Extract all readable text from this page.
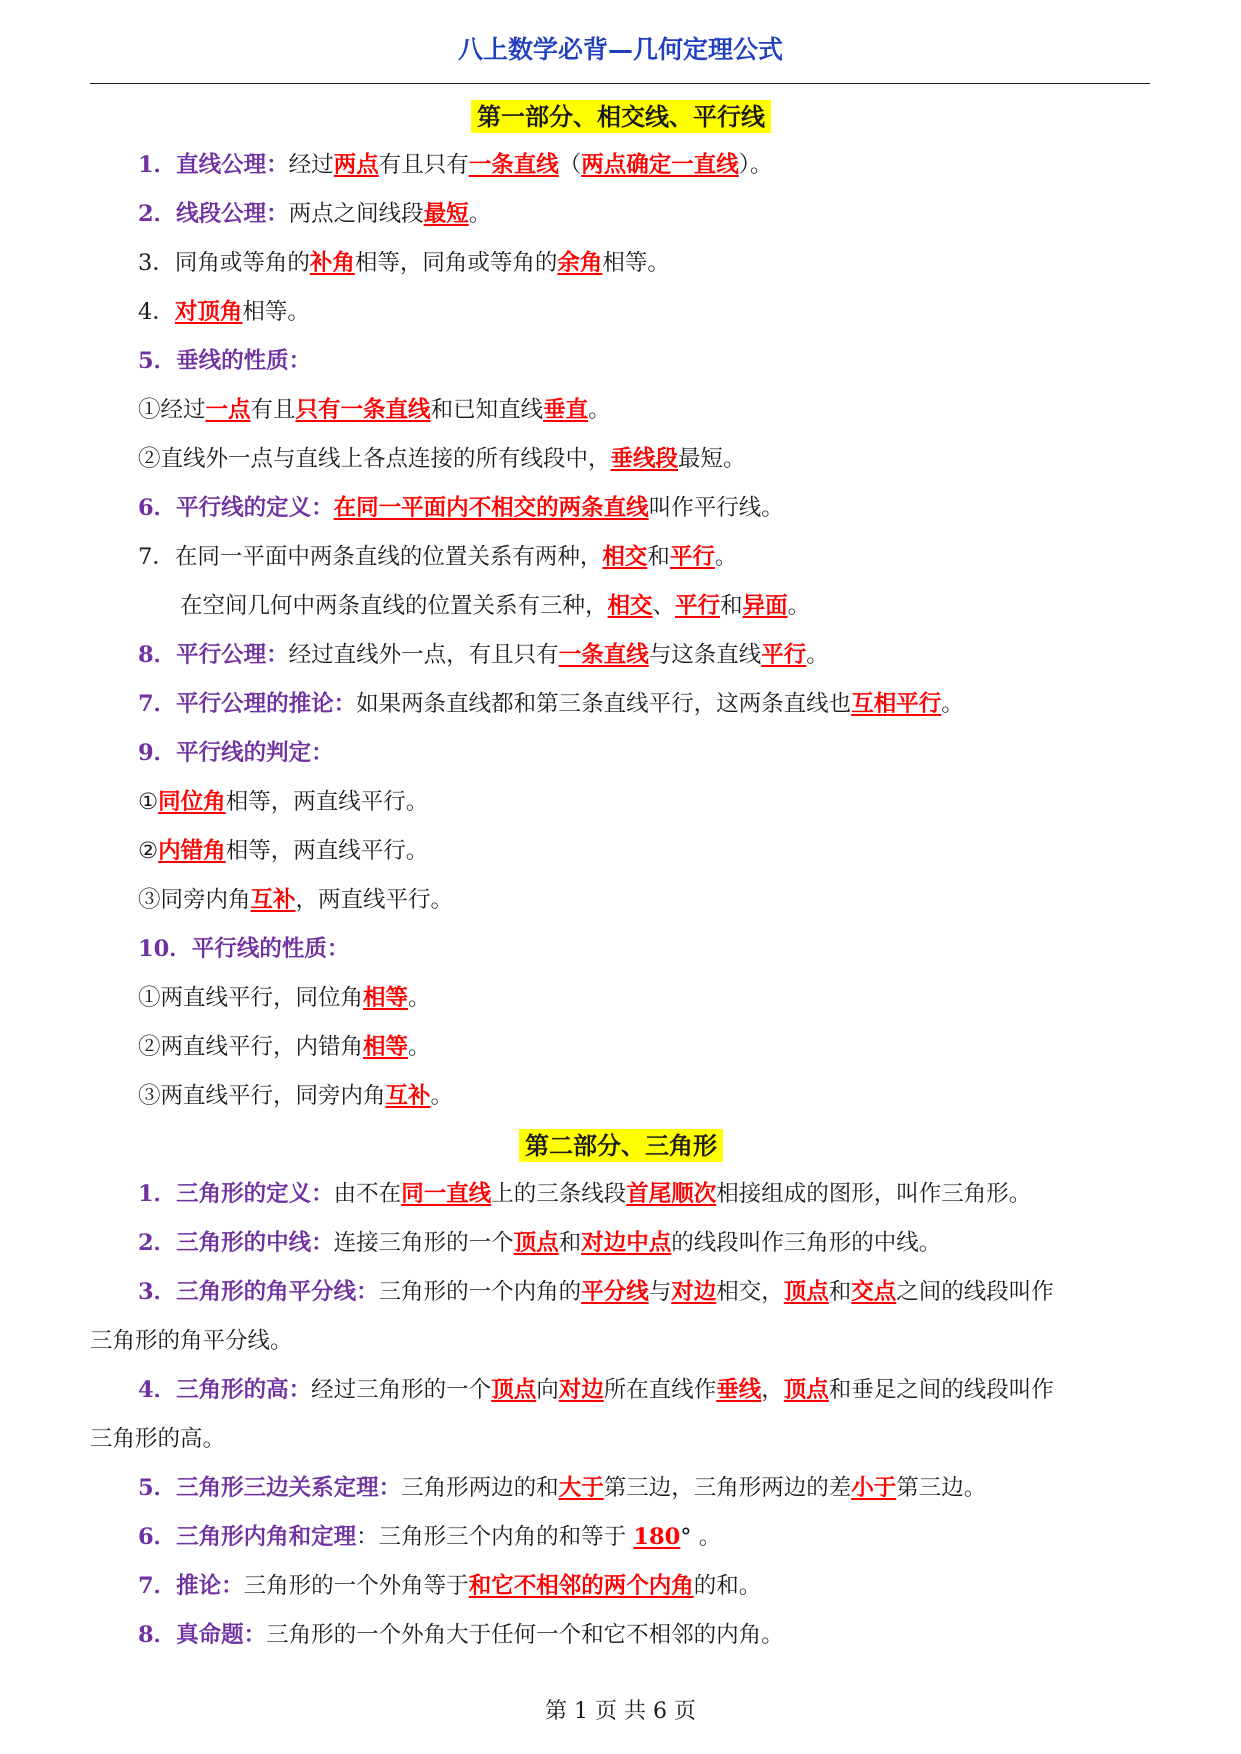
八上数学必背—几何定理公式
第一部分、相交线、平行线
1．直线公理：经过两点有且只有一条直线（两点确定一直线）。
2．线段公理：两点之间线段最短。
3．同角或等角的补角相等，同角或等角的余角相等。
4．对顶角相等。
5．垂线的性质：
①经过一点有且只有一条直线和已知直线垂直。
②直线外一点与直线上各点连接的所有线段中，垂线段最短。
6．平行线的定义：在同一平面内不相交的两条直线叫作平行线。
7．在同一平面中两条直线的位置关系有两种，相交和平行。
在空间几何中两条直线的位置关系有三种，相交、平行和异面。
8．平行公理：经过直线外一点，有且只有一条直线与这条直线平行。
7．平行公理的推论：如果两条直线都和第三条直线平行，这两条直线也互相平行。
9．平行线的判定：
①同位角相等，两直线平行。
②内错角相等，两直线平行。
③同旁内角互补，两直线平行。
10．平行线的性质：
①两直线平行，同位角相等。
②两直线平行，内错角相等。
③两直线平行，同旁内角互补。
第二部分、三角形
1．三角形的定义：由不在同一直线上的三条线段首尾顺次相接组成的图形，叫作三角形。
2．三角形的中线：连接三角形的一个顶点和对边中点的线段叫作三角形的中线。
3．三角形的角平分线：三角形的一个内角的平分线与对边相交，顶点和交点之间的线段叫作
三角形的角平分线。
4．三角形的高：经过三角形的一个顶点向对边所在直线作垂线，顶点和垂足之间的线段叫作
三角形的高。
5．三角形三边关系定理：三角形两边的和大于第三边，三角形两边的差小于第三边。
6．三角形内角和定理：三角形三个内角的和等于 180° 。
7．推论：三角形的一个外角等于和它不相邻的两个内角的和。
8．真命题：三角形的一个外角大于任何一个和它不相邻的内角。
第 1 页 共 6 页
